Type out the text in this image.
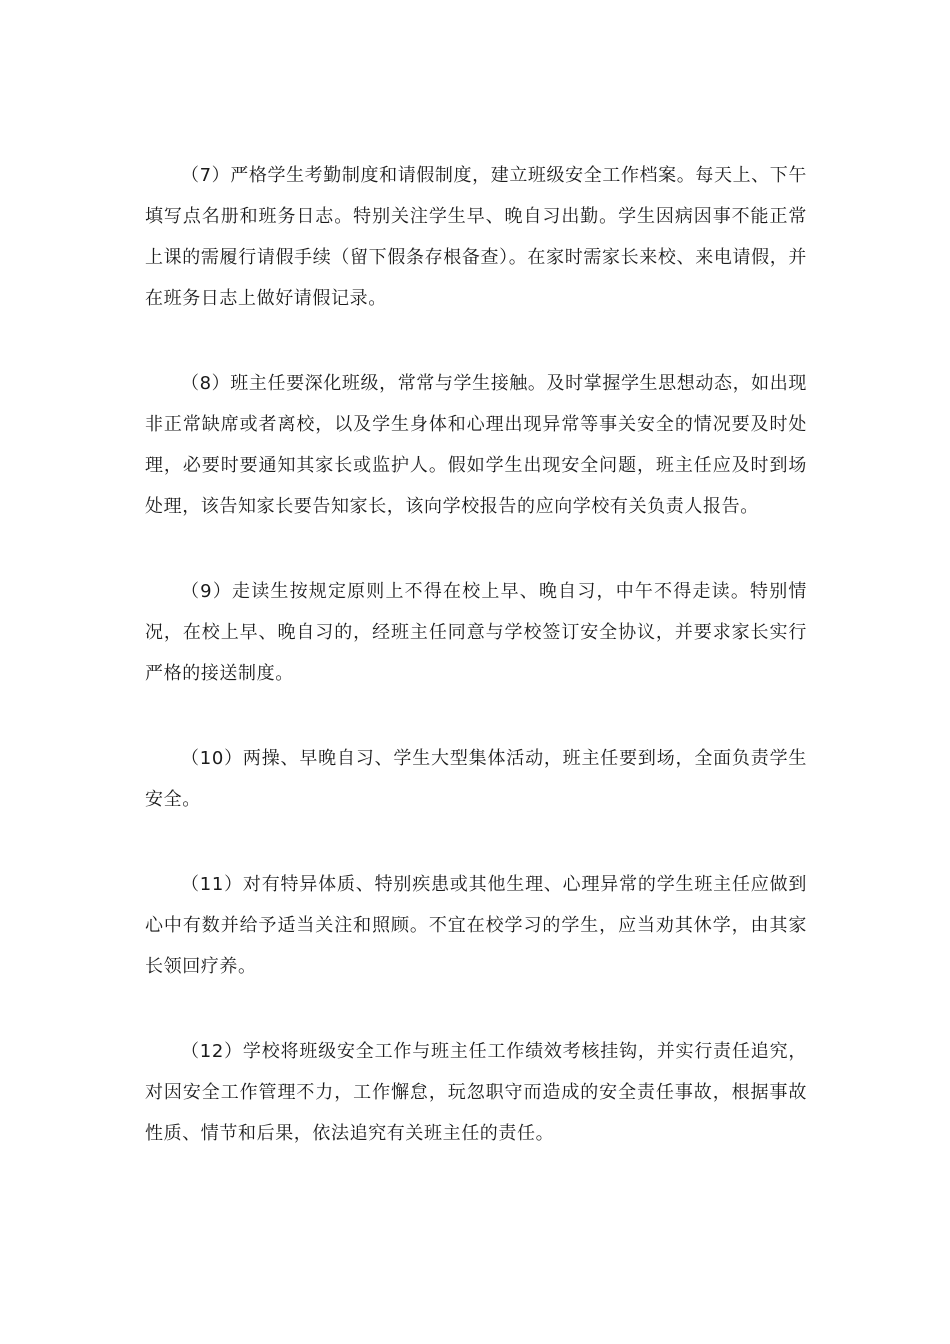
（7）严格学生考勤制度和请假制度，建立班级安全工作档案。每天上、下午填写点名册和班务日志。特别关注学生早、晚自习出勤。学生因病因事不能正常上课的需履行请假手续（留下假条存根备查）。在家时需家长来校、来电请假，并在班务日志上做好请假记录。

（8）班主任要深化班级，常常与学生接触。及时掌握学生思想动态，如出现非正常缺席或者离校，以及学生身体和心理出现异常等事关安全的情况要及时处理，必要时要通知其家长或监护人。假如学生出现安全问题，班主任应及时到场处理，该告知家长要告知家长，该向学校报告的应向学校有关负责人报告。

（9）走读生按规定原则上不得在校上早、晚自习，中午不得走读。特别情况，在校上早、晚自习的，经班主任同意与学校签订安全协议，并要求家长实行严格的接送制度。

（10）两操、早晚自习、学生大型集体活动，班主任要到场，全面负责学生安全。

（11）对有特异体质、特别疾患或其他生理、心理异常的学生班主任应做到心中有数并给予适当关注和照顾。不宜在校学习的学生，应当劝其休学，由其家长领回疗养。

（12）学校将班级安全工作与班主任工作绩效考核挂钩，并实行责任追究，对因安全工作管理不力，工作懈怠，玩忽职守而造成的安全责任事故，根据事故性质、情节和后果，依法追究有关班主任的责任。
